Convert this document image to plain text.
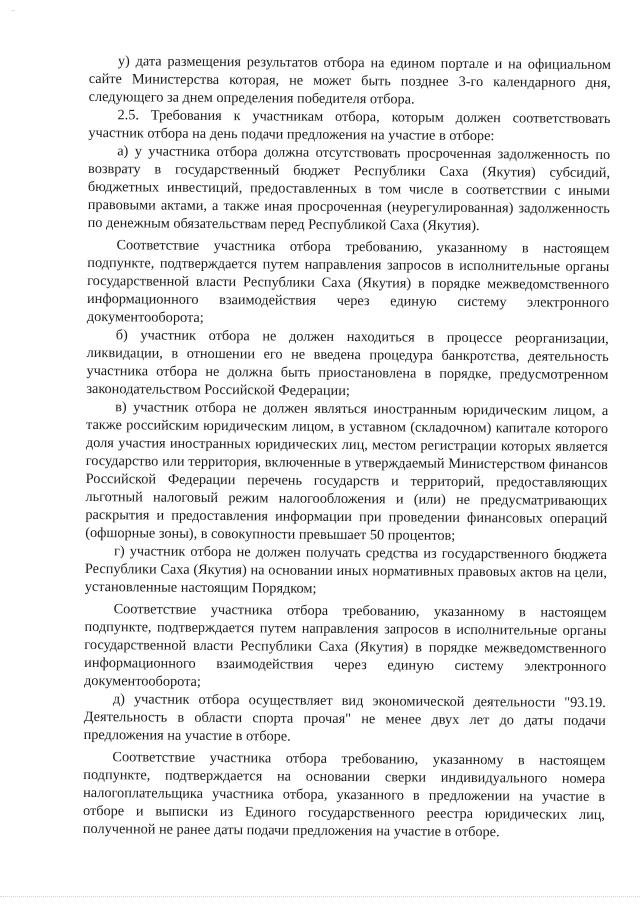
–

у) дата размещения результатов отбора на едином портале и на официальном сайте Министерства которая, не может быть позднее 3-го календарного дня, следующего за днем определения победителя отбора.

2.5. Требования к участникам отбора, которым должен соответствовать участник отбора на день подачи предложения на участие в отборе:

а) у участника отбора должна отсутствовать просроченная задолженность по возврату в государственный бюджет Республики Саха (Якутия) субсидий, бюджетных инвестиций, предоставленных в том числе в соответствии с иными правовыми актами, а также иная просроченная (неурегулированная) задолженность по денежным обязательствам перед Республикой Саха (Якутия).

Соответствие участника отбора требованию, указанному в настоящем подпункте, подтверждается путем направления запросов в исполнительные органы государственной власти Республики Саха (Якутия) в порядке межведомственного информационного взаимодействия через единую систему электронного документооборота;

б) участник отбора не должен находиться в процессе реорганизации, ликвидации, в отношении его не введена процедура банкротства, деятельность участника отбора не должна быть приостановлена в порядке, предусмотренном законодательством Российской Федерации;

в) участник отбора не должен являться иностранным юридическим лицом, а также российским юридическим лицом, в уставном (складочном) капитале которого доля участия иностранных юридических лиц, местом регистрации которых является государство или территория, включенные в утверждаемый Министерством финансов Российской Федерации перечень государств и территорий, предоставляющих льготный налоговый режим налогообложения и (или) не предусматривающих раскрытия и предоставления информации при проведении финансовых операций (офшорные зоны), в совокупности превышает 50 процентов;

г) участник отбора не должен получать средства из государственного бюджета Республики Саха (Якутия) на основании иных нормативных правовых актов на цели, установленные настоящим Порядком;

Соответствие участника отбора требованию, указанному в настоящем подпункте, подтверждается путем направления запросов в исполнительные органы государственной власти Республики Саха (Якутия) в порядке межведомственного информационного взаимодействия через единую систему электронного документооборота;

д) участник отбора осуществляет вид экономической деятельности "93.19. Деятельность в области спорта прочая" не менее двух лет до даты подачи предложения на участие в отборе.

Соответствие участника отбора требованию, указанному в настоящем подпункте, подтверждается на основании сверки индивидуального номера налогоплательщика участника отбора, указанного в предложении на участие в отборе и выписки из Единого государственного реестра юридических лиц, полученной не ранее даты подачи предложения на участие в отборе.
